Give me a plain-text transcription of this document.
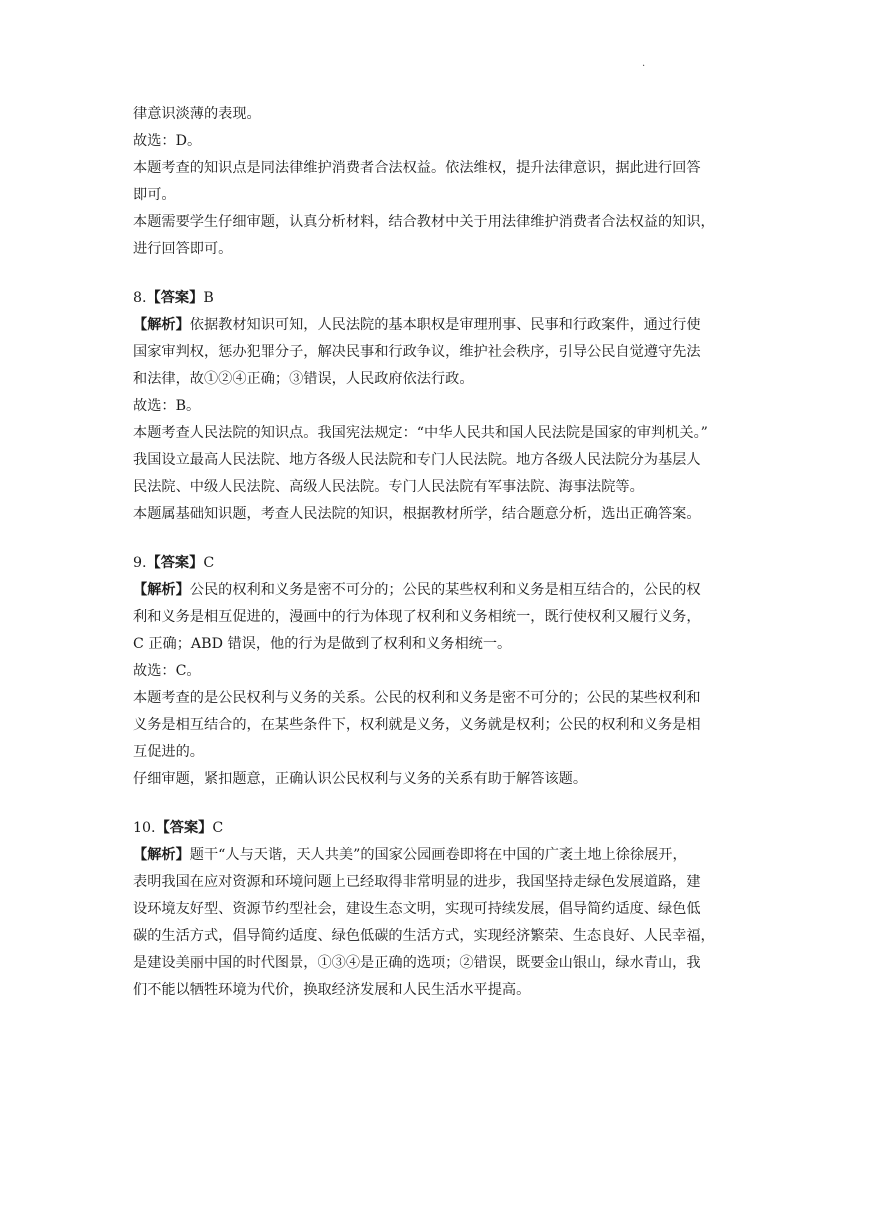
.
律意识淡薄的表现。
故选：D。
本题考查的知识点是同法律维护消费者合法权益。依法维权，提升法律意识，据此进行回答
即可。
本题需要学生仔细审题，认真分析材料，结合教材中关于用法律维护消费者合法权益的知识，
进行回答即可。
8.【答案】B
【解析】依据教材知识可知，人民法院的基本职权是审理刑事、民事和行政案件，通过行使
国家审判权，惩办犯罪分子，解决民事和行政争议，维护社会秩序，引导公民自觉遵守先法
和法律，故①②④正确；③错误，人民政府依法行政。
故选：B。
本题考查人民法院的知识点。我国宪法规定：“中华人民共和国人民法院是国家的审判机关。”
我国设立最高人民法院、地方各级人民法院和专门人民法院。地方各级人民法院分为基层人
民法院、中级人民法院、高级人民法院。专门人民法院有军事法院、海事法院等。
本题属基础知识题，考查人民法院的知识，根据教材所学，结合题意分析，选出正确答案。
9.【答案】C
【解析】公民的权利和义务是密不可分的；公民的某些权利和义务是相互结合的，公民的权
利和义务是相互促进的，漫画中的行为体现了权利和义务相统一，既行使权利又履行义务，
C 正确；ABD 错误，他的行为是做到了权利和义务相统一。
故选：C。
本题考查的是公民权利与义务的关系。公民的权利和义务是密不可分的；公民的某些权利和
义务是相互结合的，在某些条件下，权利就是义务，义务就是权利；公民的权利和义务是相
互促进的。
仔细审题，紧扣题意，正确认识公民权利与义务的关系有助于解答该题。
10.【答案】C
【解析】题干“人与天谐，天人共美”的国家公园画卷即将在中国的广袤土地上徐徐展开，
表明我国在应对资源和环境问题上已经取得非常明显的进步，我国坚持走绿色发展道路，建
设环境友好型、资源节约型社会，建设生态文明，实现可持续发展，倡导简约适度、绿色低
碳的生活方式，倡导简约适度、绿色低碳的生活方式，实现经济繁荣、生态良好、人民幸福，
是建设美丽中国的时代图景，①③④是正确的选项；②错误，既要金山银山，绿水青山，我
们不能以牺牲环境为代价，换取经济发展和人民生活水平提高。
